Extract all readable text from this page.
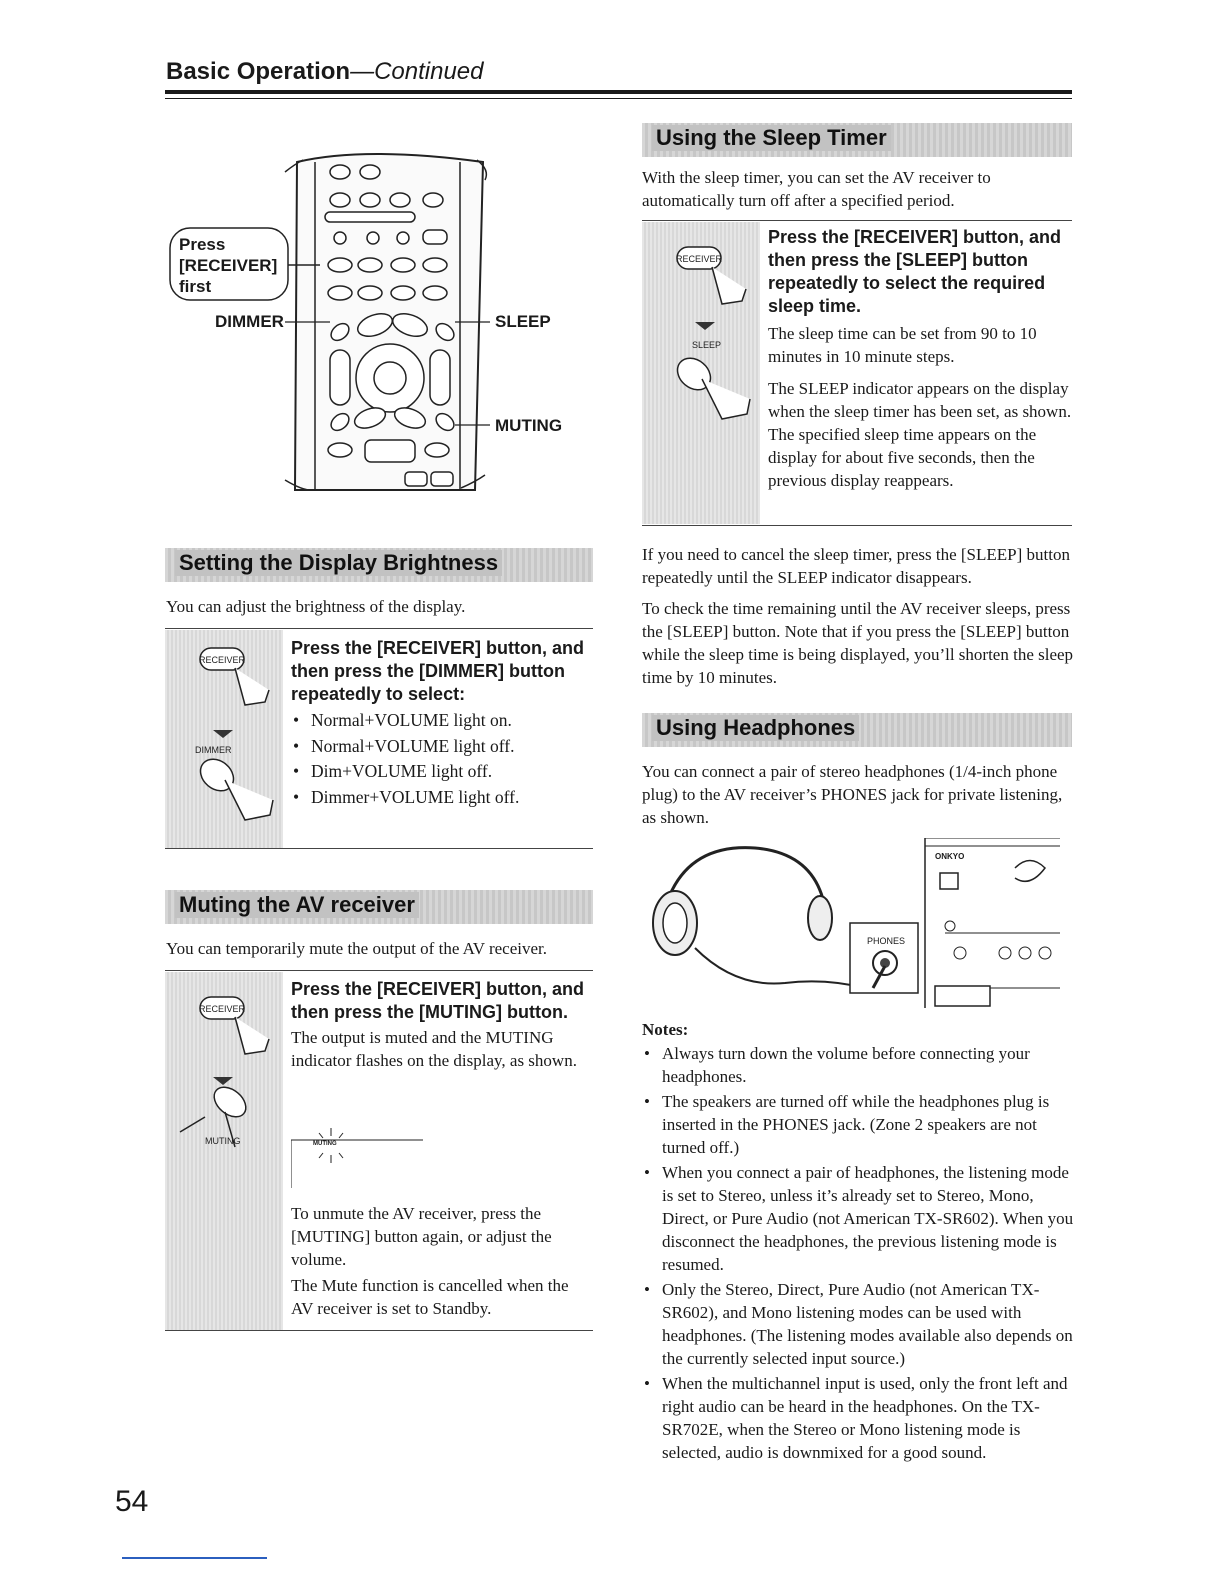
Basic Operation—Continued
Press
[RECEIVER]
first
DIMMER	SLEEP
MUTING
Setting the Display Brightness
You can adjust the brightness of the display.
RECEIVER
DIMMER
Press the [RECEIVER] button, and then press the [DIMMER] button repeatedly to select:
• Normal+VOLUME light on.
• Normal+VOLUME light off.
• Dim+VOLUME light off.
• Dimmer+VOLUME light off.
Muting the AV receiver
You can temporarily mute the output of the AV receiver.
RECEIVER
MUTING
Press the [RECEIVER] button, and then press the [MUTING] button.
The output is muted and the MUTING indicator flashes on the display, as shown.
MUTING
To unmute the AV receiver, press the [MUTING] button again, or adjust the volume.
The Mute function is cancelled when the AV receiver is set to Standby.
Using the Sleep Timer
With the sleep timer, you can set the AV receiver to automatically turn off after a specified period.
RECEIVER
SLEEP
Press the [RECEIVER] button, and then press the [SLEEP] button repeatedly to select the required sleep time.
The sleep time can be set from 90 to 10 minutes in 10 minute steps.
The SLEEP indicator appears on the display when the sleep timer has been set, as shown. The specified sleep time appears on the display for about five seconds, then the previous display reappears.
If you need to cancel the sleep timer, press the [SLEEP] button repeatedly until the SLEEP indicator disappears.
To check the time remaining until the AV receiver sleeps, press the [SLEEP] button. Note that if you press the [SLEEP] button while the sleep time is being displayed, you’ll shorten the sleep time by 10 minutes.
Using Headphones
You can connect a pair of stereo headphones (1/4-inch phone plug) to the AV receiver’s PHONES jack for private listening, as shown.
PHONES
ONKYO
Notes:
• Always turn down the volume before connecting your headphones.
• The speakers are turned off while the headphones plug is inserted in the PHONES jack. (Zone 2 speakers are not turned off.)
• When you connect a pair of headphones, the listening mode is set to Stereo, unless it’s already set to Stereo, Mono, Direct, or Pure Audio (not American TX-SR602). When you disconnect the headphones, the previous listening mode is resumed.
• Only the Stereo, Direct, Pure Audio (not American TX-SR602), and Mono listening modes can be used with headphones. (The listening modes available also depends on the currently selected input source.)
• When the multichannel input is used, only the front left and right audio can be heard in the headphones. On the TX-SR702E, when the Stereo or Mono listening mode is selected, audio is downmixed for a good sound.
54
